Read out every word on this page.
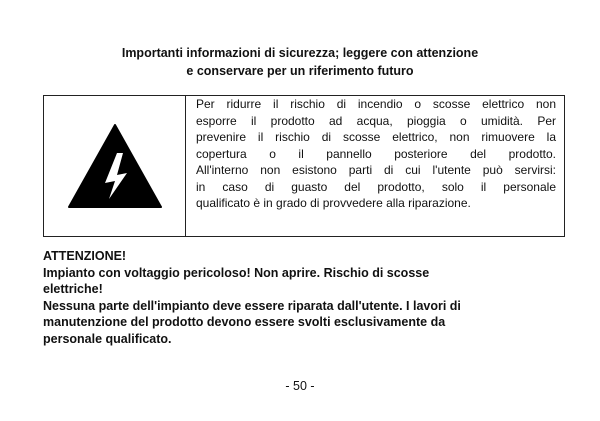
Importanti informazioni di sicurezza; leggere con attenzione
e conservare per un riferimento futuro
Per ridurre il rischio di incendio o scosse elettrico non
esporre il prodotto ad acqua, pioggia o umidità. Per
prevenire il rischio di scosse elettrico, non rimuovere la
copertura o il pannello posteriore del prodotto.
All'interno non esistono parti di cui l'utente può servirsi:
in caso di guasto del prodotto, solo il personale
qualificato è in grado di provvedere alla riparazione.
ATTENZIONE!
Impianto con voltaggio pericoloso! Non aprire. Rischio di scosse
elettriche!
Nessuna parte dell'impianto deve essere riparata dall'utente. I lavori di
manutenzione del prodotto devono essere svolti esclusivamente da
personale qualificato.
- 50 -
